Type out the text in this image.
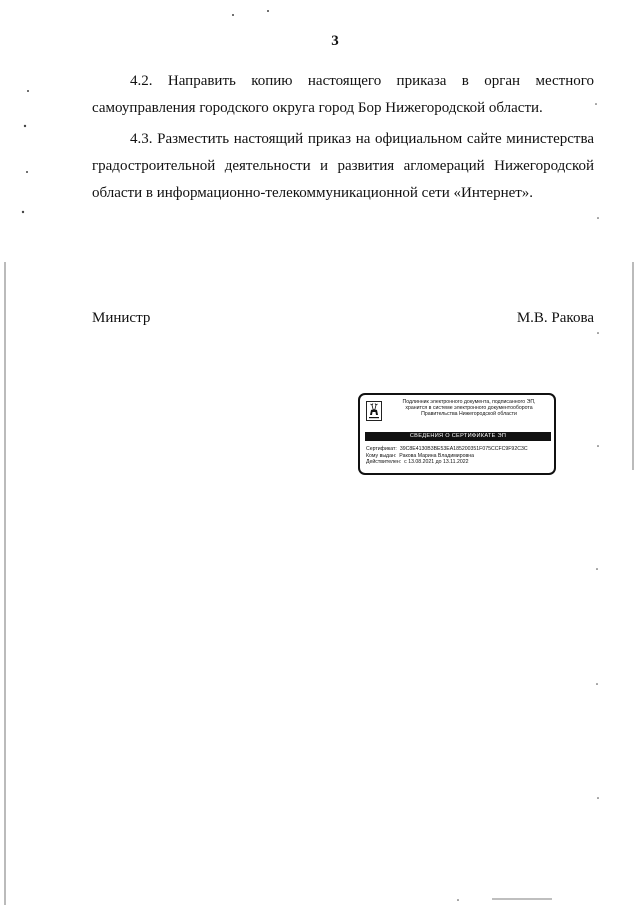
3

4.2. Направить копию настоящего приказа в орган местного самоуправления городского округа город Бор Нижегородской области.

4.3. Разместить настоящий приказ на официальном сайте министерства градостроительной деятельности и развития агломераций Нижегородской области в информационно-телекоммуникационной сети «Интернет».

Министр	М.В. Ракова
Подлинник электронного документа, подписанного ЭП,
хранится в системе электронного документооборота
Правительства Нижегородской области
СВЕДЕНИЯ О СЕРТИФИКАТЕ ЭП
Сертификат: 39C8E4130B3BE53EA185200351F075CCFC9F92C3C
Кому выдан: Ракова Марина Владимировна
Действителен: с 13.08.2021 до 13.11.2022
